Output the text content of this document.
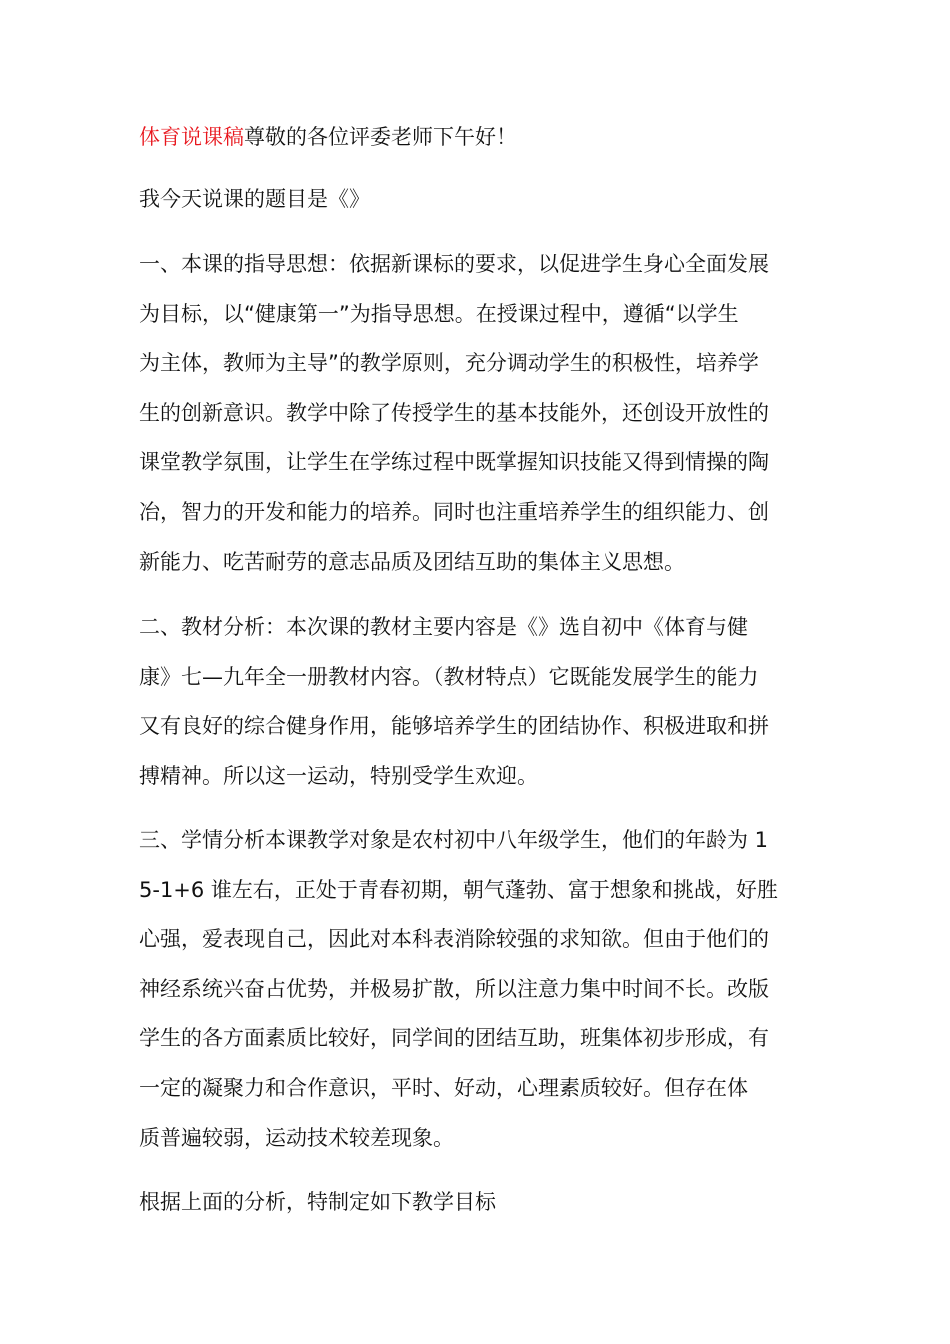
体育说课稿尊敬的各位评委老师下午好！

我今天说课的题目是《》

一、本课的指导思想：依据新课标的要求，以促进学生身心全面发展
为目标，以“健康第一”为指导思想。在授课过程中，遵循“以学生
为主体，教师为主导”的教学原则，充分调动学生的积极性，培养学
生的创新意识。教学中除了传授学生的基本技能外，还创设开放性的
课堂教学氛围，让学生在学练过程中既掌握知识技能又得到情操的陶
冶，智力的开发和能力的培养。同时也注重培养学生的组织能力、创
新能力、吃苦耐劳的意志品质及团结互助的集体主义思想。
二、教材分析：本次课的教材主要内容是《》选自初中《体育与健
康》七—九年全一册教材内容。（教材特点）它既能发展学生的能力
又有良好的综合健身作用，能够培养学生的团结协作、积极进取和拼
搏精神。所以这一运动，特别受学生欢迎。
三、学情分析本课教学对象是农村初中八年级学生，他们的年龄为 1
5-1+6 谁左右，正处于青春初期，朝气蓬勃、富于想象和挑战，好胜
心强，爱表现自己，因此对本科表消除较强的求知欲。但由于他们的
神经系统兴奋占优势，并极易扩散，所以注意力集中时间不长。改版
学生的各方面素质比较好，同学间的团结互助，班集体初步形成，有
一定的凝聚力和合作意识，平时、好动，心理素质较好。但存在体
质普遍较弱，运动技术较差现象。

根据上面的分析，特制定如下教学目标
